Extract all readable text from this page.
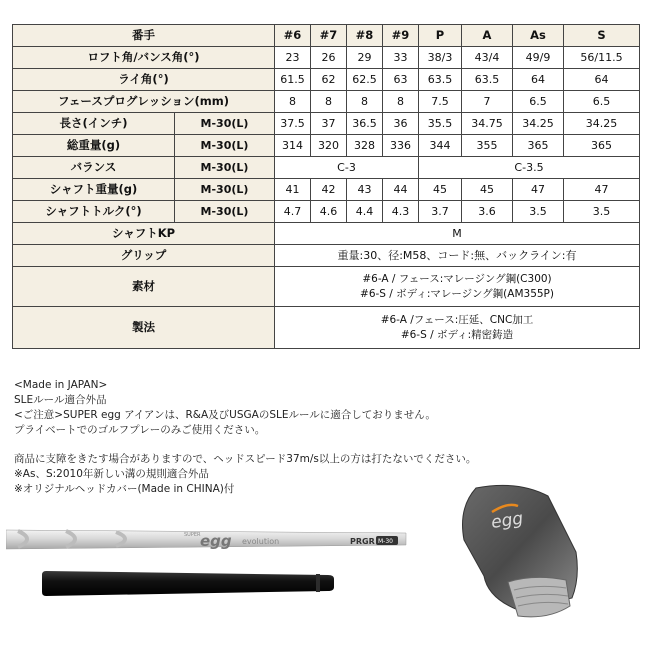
番手		#6	#7	#8	#9	P	A	As	S
ロフト角/バンス角(°)		23	26	29	33	38/3	43/4	49/9	56/11.5
ライ角(°)		61.5	62	62.5	63	63.5	63.5	64	64
フェースプログレッション(mm)		8	8	8	8	7.5	7	6.5	6.5
長さ(インチ)	M-30(L)	37.5	37	36.5	36	35.5	34.75	34.25	34.25
総重量(g)	M-30(L)	314	320	328	336	344	355	365	365
バランス	M-30(L)	C-3				C-3.5			
シャフト重量(g)	M-30(L)	41	42	43	44	45	45	47	47
シャフトトルク(°)	M-30(L)	4.7	4.6	4.4	4.3	3.7	3.6	3.5	3.5
シャフトKP		M							
グリップ		重量:30、径:M58、コード:無、バックライン:有							
素材		#6-A / フェース:マレージング鋼(C300)
#6-S / ボディ:マレージング鋼(AM355P)							

製法		#6-A /フェース:圧延、CNC加工
#6-S / ボディ:精密鋳造							
<Made in JAPAN>
SLEルール適合外品
<ご注意>SUPER egg アイアンは、R&A及びUSGAのSLEルールに適合しておりません。
プライベートでのゴルフプレーのみご使用ください。
商品に支障をきたす場合がありますので、ヘッドスピード37m/s以上の方は打たないでください。
※As、S:2010年新しい溝の規則適合外品
※オリジナルヘッドカバー(Made in CHINA)付
SUPER egg evolution	PRGR M-30
egg
